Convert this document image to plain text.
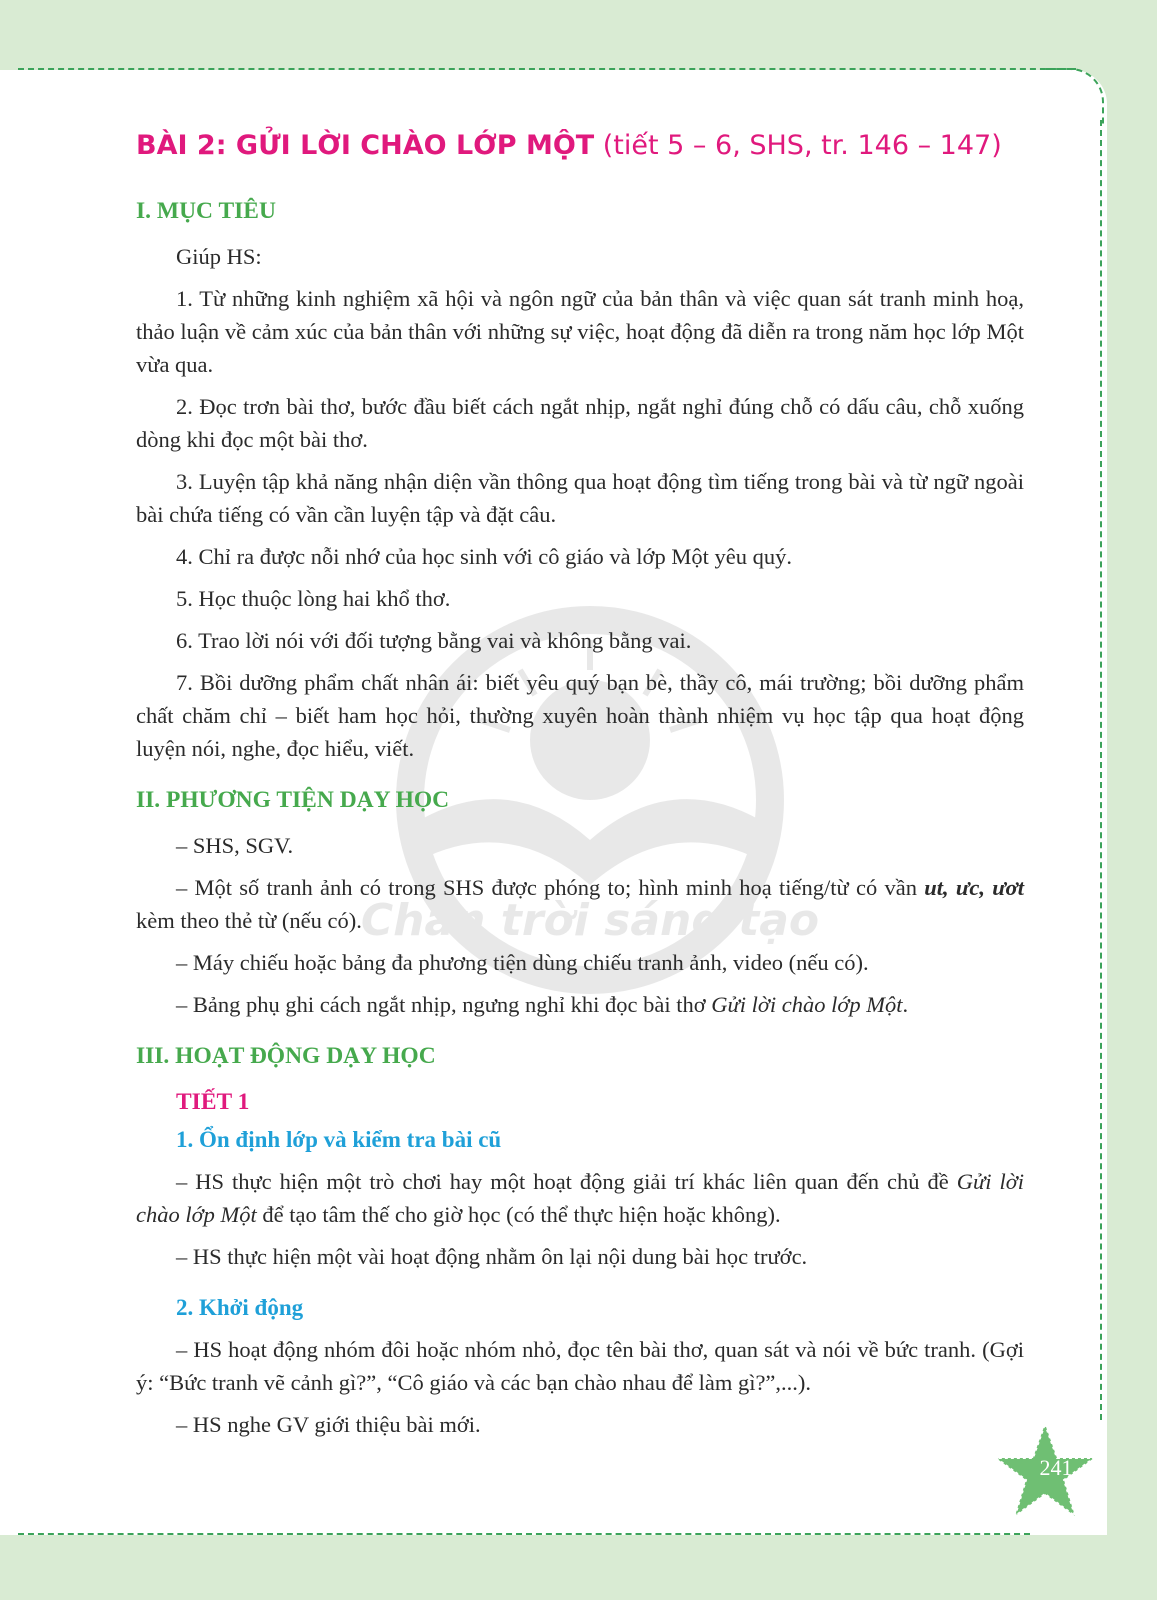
Chân trời sáng tạo
BÀI 2: GỬI LỜI CHÀO LỚP MỘT (tiết 5 – 6, SHS, tr. 146 – 147)
I. MỤC TIÊU

Giúp HS:

1. Từ những kinh nghiệm xã hội và ngôn ngữ của bản thân và việc quan sát tranh minh hoạ, thảo luận về cảm xúc của bản thân với những sự việc, hoạt động đã diễn ra trong năm học lớp Một vừa qua.

2. Đọc trơn bài thơ, bước đầu biết cách ngắt nhịp, ngắt nghỉ đúng chỗ có dấu câu, chỗ xuống dòng khi đọc một bài thơ.

3. Luyện tập khả năng nhận diện vần thông qua hoạt động tìm tiếng trong bài và từ ngữ ngoài bài chứa tiếng có vần cần luyện tập và đặt câu.

4. Chỉ ra được nỗi nhớ của học sinh với cô giáo và lớp Một yêu quý.

5. Học thuộc lòng hai khổ thơ.

6. Trao lời nói với đối tượng bằng vai và không bằng vai.

7. Bồi dưỡng phẩm chất nhân ái: biết yêu quý bạn bè, thầy cô, mái trường; bồi dưỡng phẩm chất chăm chỉ – biết ham học hỏi, thường xuyên hoàn thành nhiệm vụ học tập qua hoạt động luyện nói, nghe, đọc hiểu, viết.

II. PHƯƠNG TIỆN DẠY HỌC

– SHS, SGV.

– Một số tranh ảnh có trong SHS được phóng to; hình minh hoạ tiếng/từ có vần ut, ưc, ươt kèm theo thẻ từ (nếu có).

– Máy chiếu hoặc bảng đa phương tiện dùng chiếu tranh ảnh, video (nếu có).

– Bảng phụ ghi cách ngắt nhịp, ngưng nghỉ khi đọc bài thơ Gửi lời chào lớp Một.

III. HOẠT ĐỘNG DẠY HỌC
TIẾT 1
1. Ổn định lớp và kiểm tra bài cũ

– HS thực hiện một trò chơi hay một hoạt động giải trí khác liên quan đến chủ đề Gửi lời chào lớp Một để tạo tâm thế cho giờ học (có thể thực hiện hoặc không).

– HS thực hiện một vài hoạt động nhằm ôn lại nội dung bài học trước.

2. Khởi động

– HS hoạt động nhóm đôi hoặc nhóm nhỏ, đọc tên bài thơ, quan sát và nói về bức tranh. (Gợi ý: “Bức tranh vẽ cảnh gì?”, “Cô giáo và các bạn chào nhau để làm gì?”,...).

– HS nghe GV giới thiệu bài mới.

241
